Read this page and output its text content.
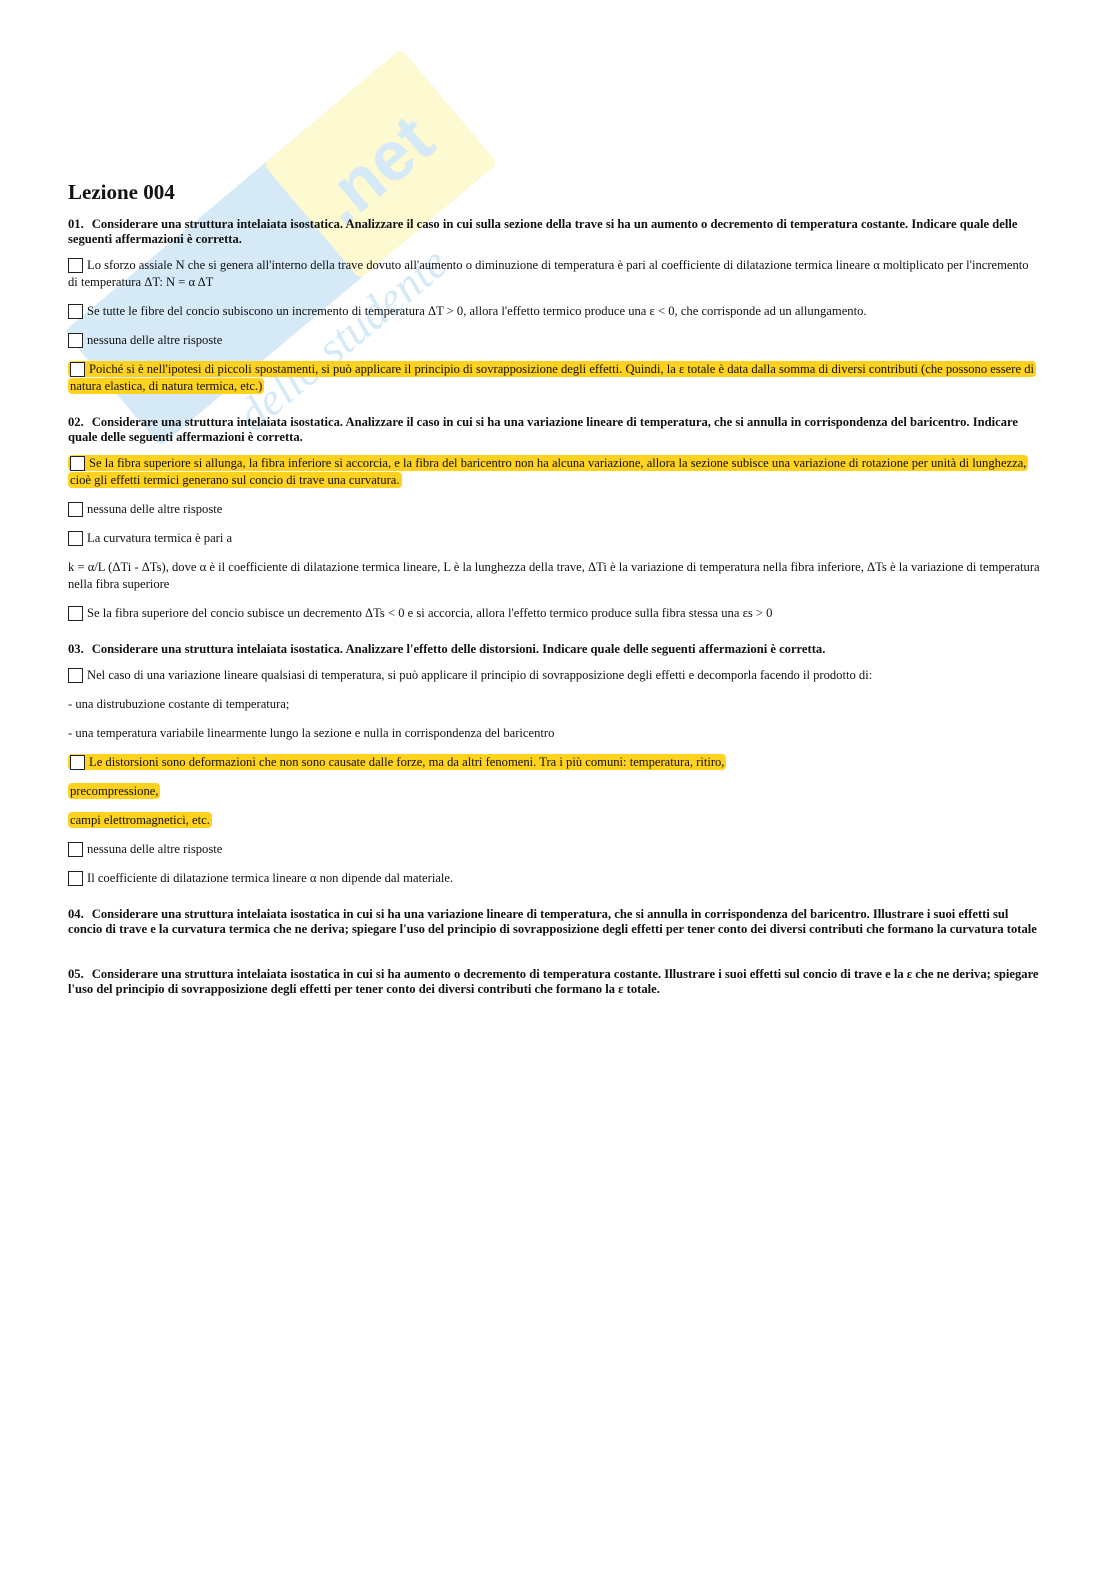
.net
dello studente
Lezione 004
01. Considerare una struttura intelaiata isostatica. Analizzare il caso in cui sulla sezione della trave si ha un aumento o decremento di temperatura costante. Indicare quale delle seguenti affermazioni è corretta.
Lo sforzo assiale N che si genera all'interno della trave dovuto all'aumento o diminuzione di temperatura è pari al coefficiente di dilatazione termica lineare α moltiplicato per l'incremento di temperatura ΔT: N = α ΔT
Se tutte le fibre del concio subiscono un incremento di temperatura ΔT > 0, allora l'effetto termico produce una ε < 0, che corrisponde ad un allungamento.
nessuna delle altre risposte
Poiché si è nell'ipotesi di piccoli spostamenti, si può applicare il principio di sovrapposizione degli effetti. Quindi, la ε totale è data dalla somma di diversi contributi (che possono essere di natura elastica, di natura termica, etc.)
02. Considerare una struttura intelaiata isostatica. Analizzare il caso in cui si ha una variazione lineare di temperatura, che si annulla in corrispondenza del baricentro. Indicare quale delle seguenti affermazioni è corretta.
Se la fibra superiore si allunga, la fibra inferiore si accorcia, e la fibra del baricentro non ha alcuna variazione, allora la sezione subisce una variazione di rotazione per unità di lunghezza, cioè gli effetti termici generano sul concio di trave una curvatura.
nessuna delle altre risposte
La curvatura termica è pari a
k = α/L (ΔTi - ΔTs), dove α è il coefficiente di dilatazione termica lineare, L è la lunghezza della trave, ΔTi è la variazione di temperatura nella fibra inferiore, ΔTs è la variazione di temperatura nella fibra superiore
Se la fibra superiore del concio subisce un decremento ΔTs < 0 e si accorcia, allora l'effetto termico produce sulla fibra stessa una εs > 0
03. Considerare una struttura intelaiata isostatica. Analizzare l'effetto delle distorsioni. Indicare quale delle seguenti affermazioni è corretta.
Nel caso di una variazione lineare qualsiasi di temperatura, si può applicare il principio di sovrapposizione degli effetti e decomporla facendo il prodotto di:
- una distrubuzione costante di temperatura;
- una temperatura variabile linearmente lungo la sezione e nulla in corrispondenza del baricentro
Le distorsioni sono deformazioni che non sono causate dalle forze, ma da altri fenomeni. Tra i più comuni: temperatura, ritiro,
precompressione,
campi elettromagnetici, etc.
nessuna delle altre risposte
Il coefficiente di dilatazione termica lineare α non dipende dal materiale.
04. Considerare una struttura intelaiata isostatica in cui si ha una variazione lineare di temperatura, che si annulla in corrispondenza del baricentro. Illustrare i suoi effetti sul concio di trave e la curvatura termica che ne deriva; spiegare l'uso del principio di sovrapposizione degli effetti per tener conto dei diversi contributi che formano la curvatura totale
05. Considerare una struttura intelaiata isostatica in cui si ha aumento o decremento di temperatura costante. Illustrare i suoi effetti sul concio di trave e la ε che ne deriva; spiegare l'uso del principio di sovrapposizione degli effetti per tener conto dei diversi contributi che formano la ε totale.
